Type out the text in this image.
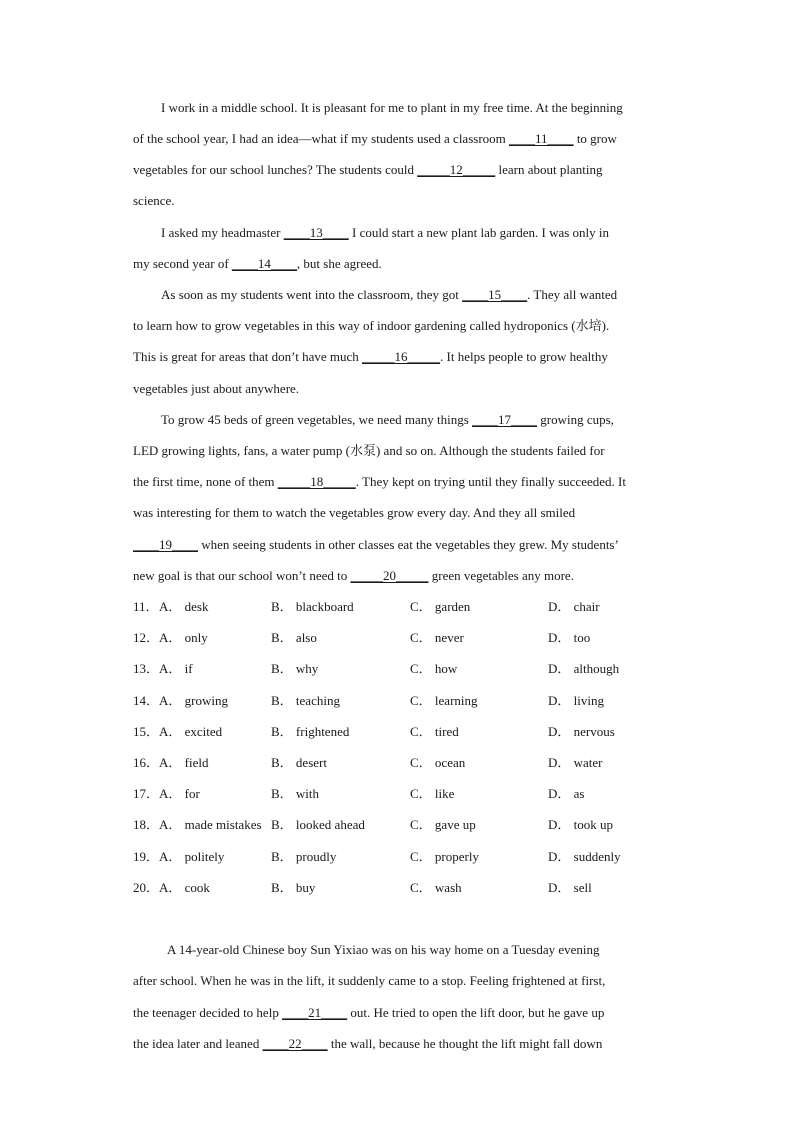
I work in a middle school. It is pleasant for me to plant in my free time. At the beginning
of the school year, I had an idea—what if my students used a classroom ____11____ to grow
vegetables for our school lunches? The students could _____12_____ learn about planting
science.
I asked my headmaster ____13____ I could start a new plant lab garden. I was only in
my second year of ____14____, but she agreed.
As soon as my students went into the classroom, they got ____15____. They all wanted
to learn how to grow vegetables in this way of indoor gardening called hydroponics (水培).
This is great for areas that don’t have much _____16_____. It helps people to grow healthy
vegetables just about anywhere.
To grow 45 beds of green vegetables, we need many things ____17____ growing cups,
LED growing lights, fans, a water pump (水泵) and so on. Although the students failed for
the first time, none of them _____18_____. They kept on trying until they finally succeeded. It
was interesting for them to watch the vegetables grow every day. And they all smiled
____19____ when seeing students in other classes eat the vegetables they grew. My students’
new goal is that our school won’t need to _____20_____ green vegetables any more.
11． A． desk	B． blackboard	C． garden	D． chair
12． A． only	B． also	C． never	D． too
13． A． if	B． why	C． how	D． although
14． A． growing	B． teaching	C． learning	D． living
15． A． excited	B． frightened	C． tired	D． nervous
16． A． field	B． desert	C． ocean	D． water
17． A． for	B． with	C． like	D． as
18． A． made mistakes B． looked ahead	C． gave up	D． took up
19． A． politely	B． proudly	C． properly	D． suddenly
20． A． cook	B． buy	C． wash	D． sell
A 14-year-old Chinese boy Sun Yixiao was on his way home on a Tuesday evening
after school. When he was in the lift, it suddenly came to a stop. Feeling frightened at first,
the teenager decided to help ____21____ out. He tried to open the lift door, but he gave up
the idea later and leaned ____22____ the wall, because he thought the lift might fall down
